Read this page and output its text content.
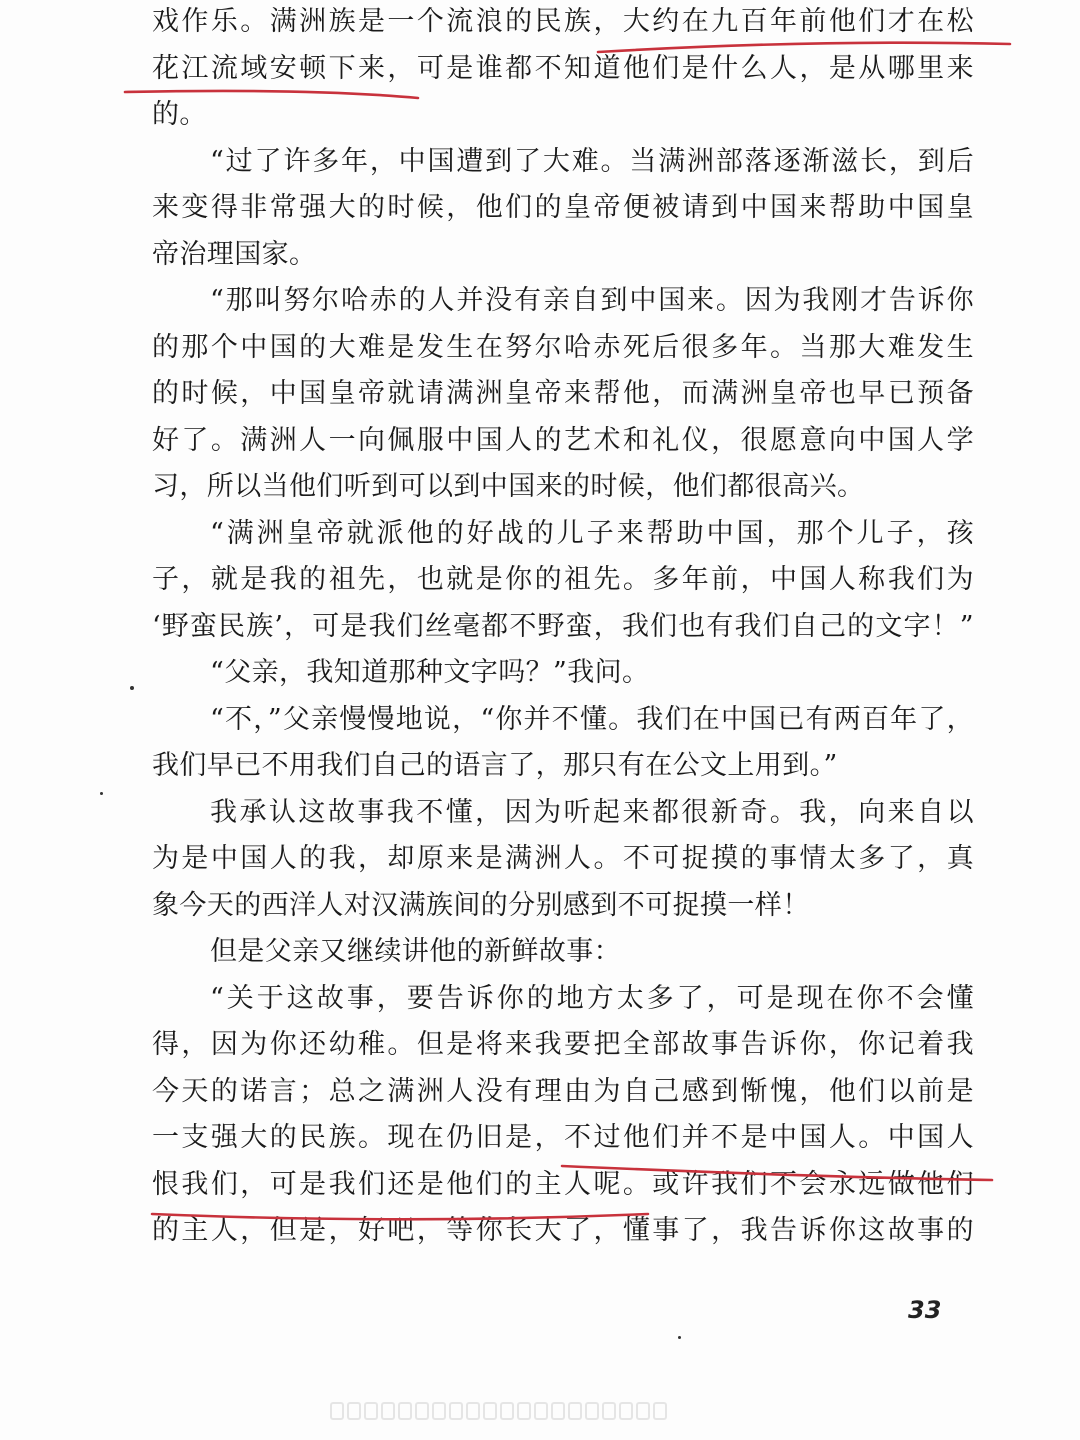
戏作乐。满洲族是一个流浪的民族，大约在九百年前他们才在松
花江流域安顿下来，可是谁都不知道他们是什么人，是从哪里来
的。
“过了许多年，中国遭到了大难。当满洲部落逐渐滋长，到后
来变得非常强大的时候，他们的皇帝便被请到中国来帮助中国皇
帝治理国家。
“那叫努尔哈赤的人并没有亲自到中国来。因为我刚才告诉你
的那个中国的大难是发生在努尔哈赤死后很多年。当那大难发生
的时候，中国皇帝就请满洲皇帝来帮他，而满洲皇帝也早已预备
好了。满洲人一向佩服中国人的艺术和礼仪，很愿意向中国人学
习，所以当他们听到可以到中国来的时候，他们都很高兴。
“满洲皇帝就派他的好战的儿子来帮助中国，那个儿子，孩
子，就是我的祖先，也就是你的祖先。多年前，中国人称我们为
‘野蛮民族’，可是我们丝毫都不野蛮，我们也有我们自己的文字！”
“父亲，我知道那种文字吗？”我问。
“不，”父亲慢慢地说，“你并不懂。我们在中国已有两百年了，
我们早已不用我们自己的语言了，那只有在公文上用到。”
我承认这故事我不懂，因为听起来都很新奇。我，向来自以
为是中国人的我，却原来是满洲人。不可捉摸的事情太多了，真
象今天的西洋人对汉满族间的分别感到不可捉摸一样！
但是父亲又继续讲他的新鲜故事：
“关于这故事，要告诉你的地方太多了，可是现在你不会懂
得，因为你还幼稚。但是将来我要把全部故事告诉你，你记着我
今天的诺言；总之满洲人没有理由为自己感到惭愧，他们以前是
一支强大的民族。现在仍旧是，不过他们并不是中国人。中国人
恨我们，可是我们还是他们的主人呢。或许我们不会永远做他们
的主人，但是，好吧，等你长大了，懂事了，我告诉你这故事的
33
